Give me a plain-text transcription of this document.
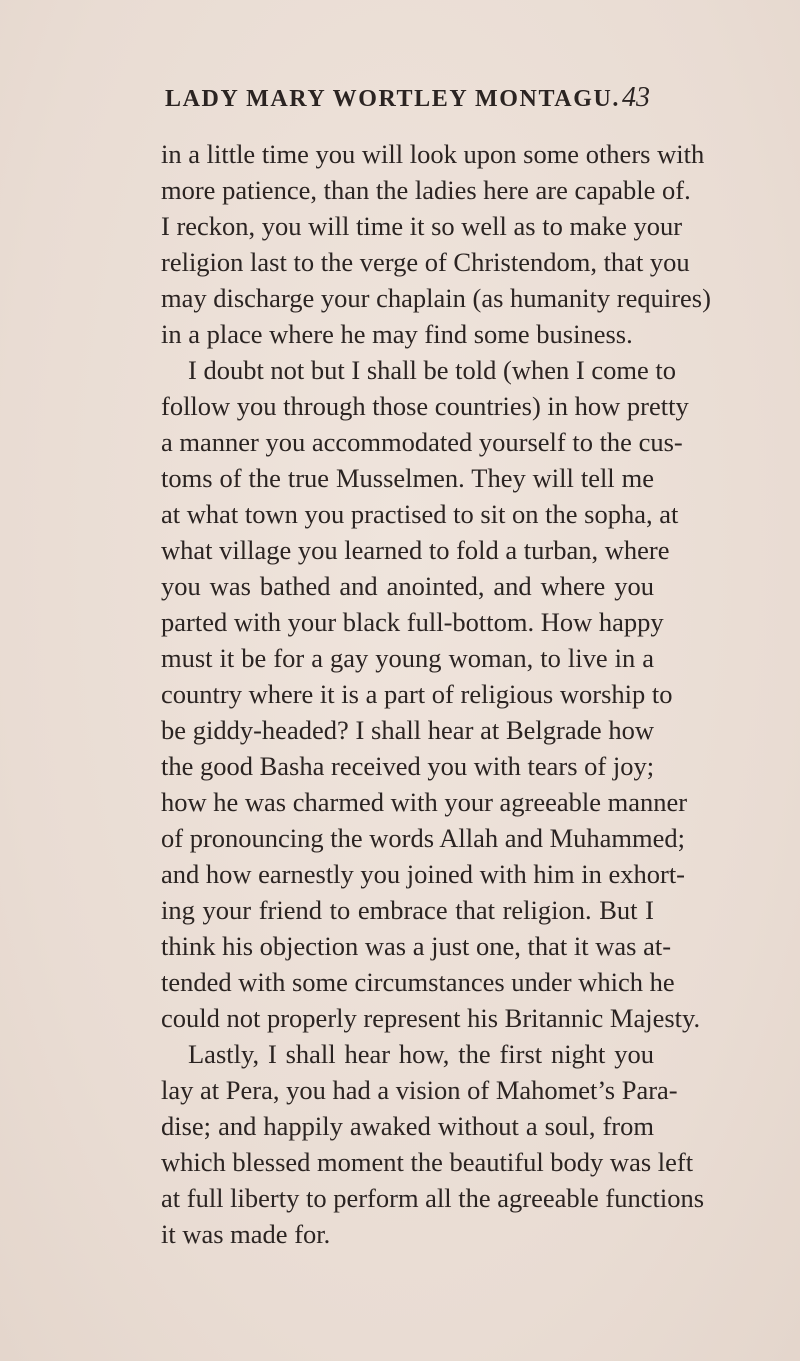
LADY MARY WORTLEY MONTAGU. 43
in a little time you will look upon some others with
more patience, than the ladies here are capable of.
I reckon, you will time it so well as to make your
religion last to the verge of Christendom, that you
may discharge your chaplain (as humanity requires)
in a place where he may find some business.
I doubt not but I shall be told (when I come to
follow you through those countries) in how pretty
a manner you accommodated yourself to the cus-
toms of the true Musselmen. They will tell me
at what town you practised to sit on the sopha, at
what village you learned to fold a turban, where
you was bathed and anointed, and where you
parted with your black full-bottom. How happy
must it be for a gay young woman, to live in a
country where it is a part of religious worship to
be giddy-headed? I shall hear at Belgrade how
the good Basha received you with tears of joy;
how he was charmed with your agreeable manner
of pronouncing the words Allah and Muhammed;
and how earnestly you joined with him in exhort-
ing your friend to embrace that religion. But I
think his objection was a just one, that it was at-
tended with some circumstances under which he
could not properly represent his Britannic Majesty.
Lastly, I shall hear how, the first night you
lay at Pera, you had a vision of Mahomet’s Para-
dise; and happily awaked without a soul, from
which blessed moment the beautiful body was left
at full liberty to perform all the agreeable functions
it was made for.
